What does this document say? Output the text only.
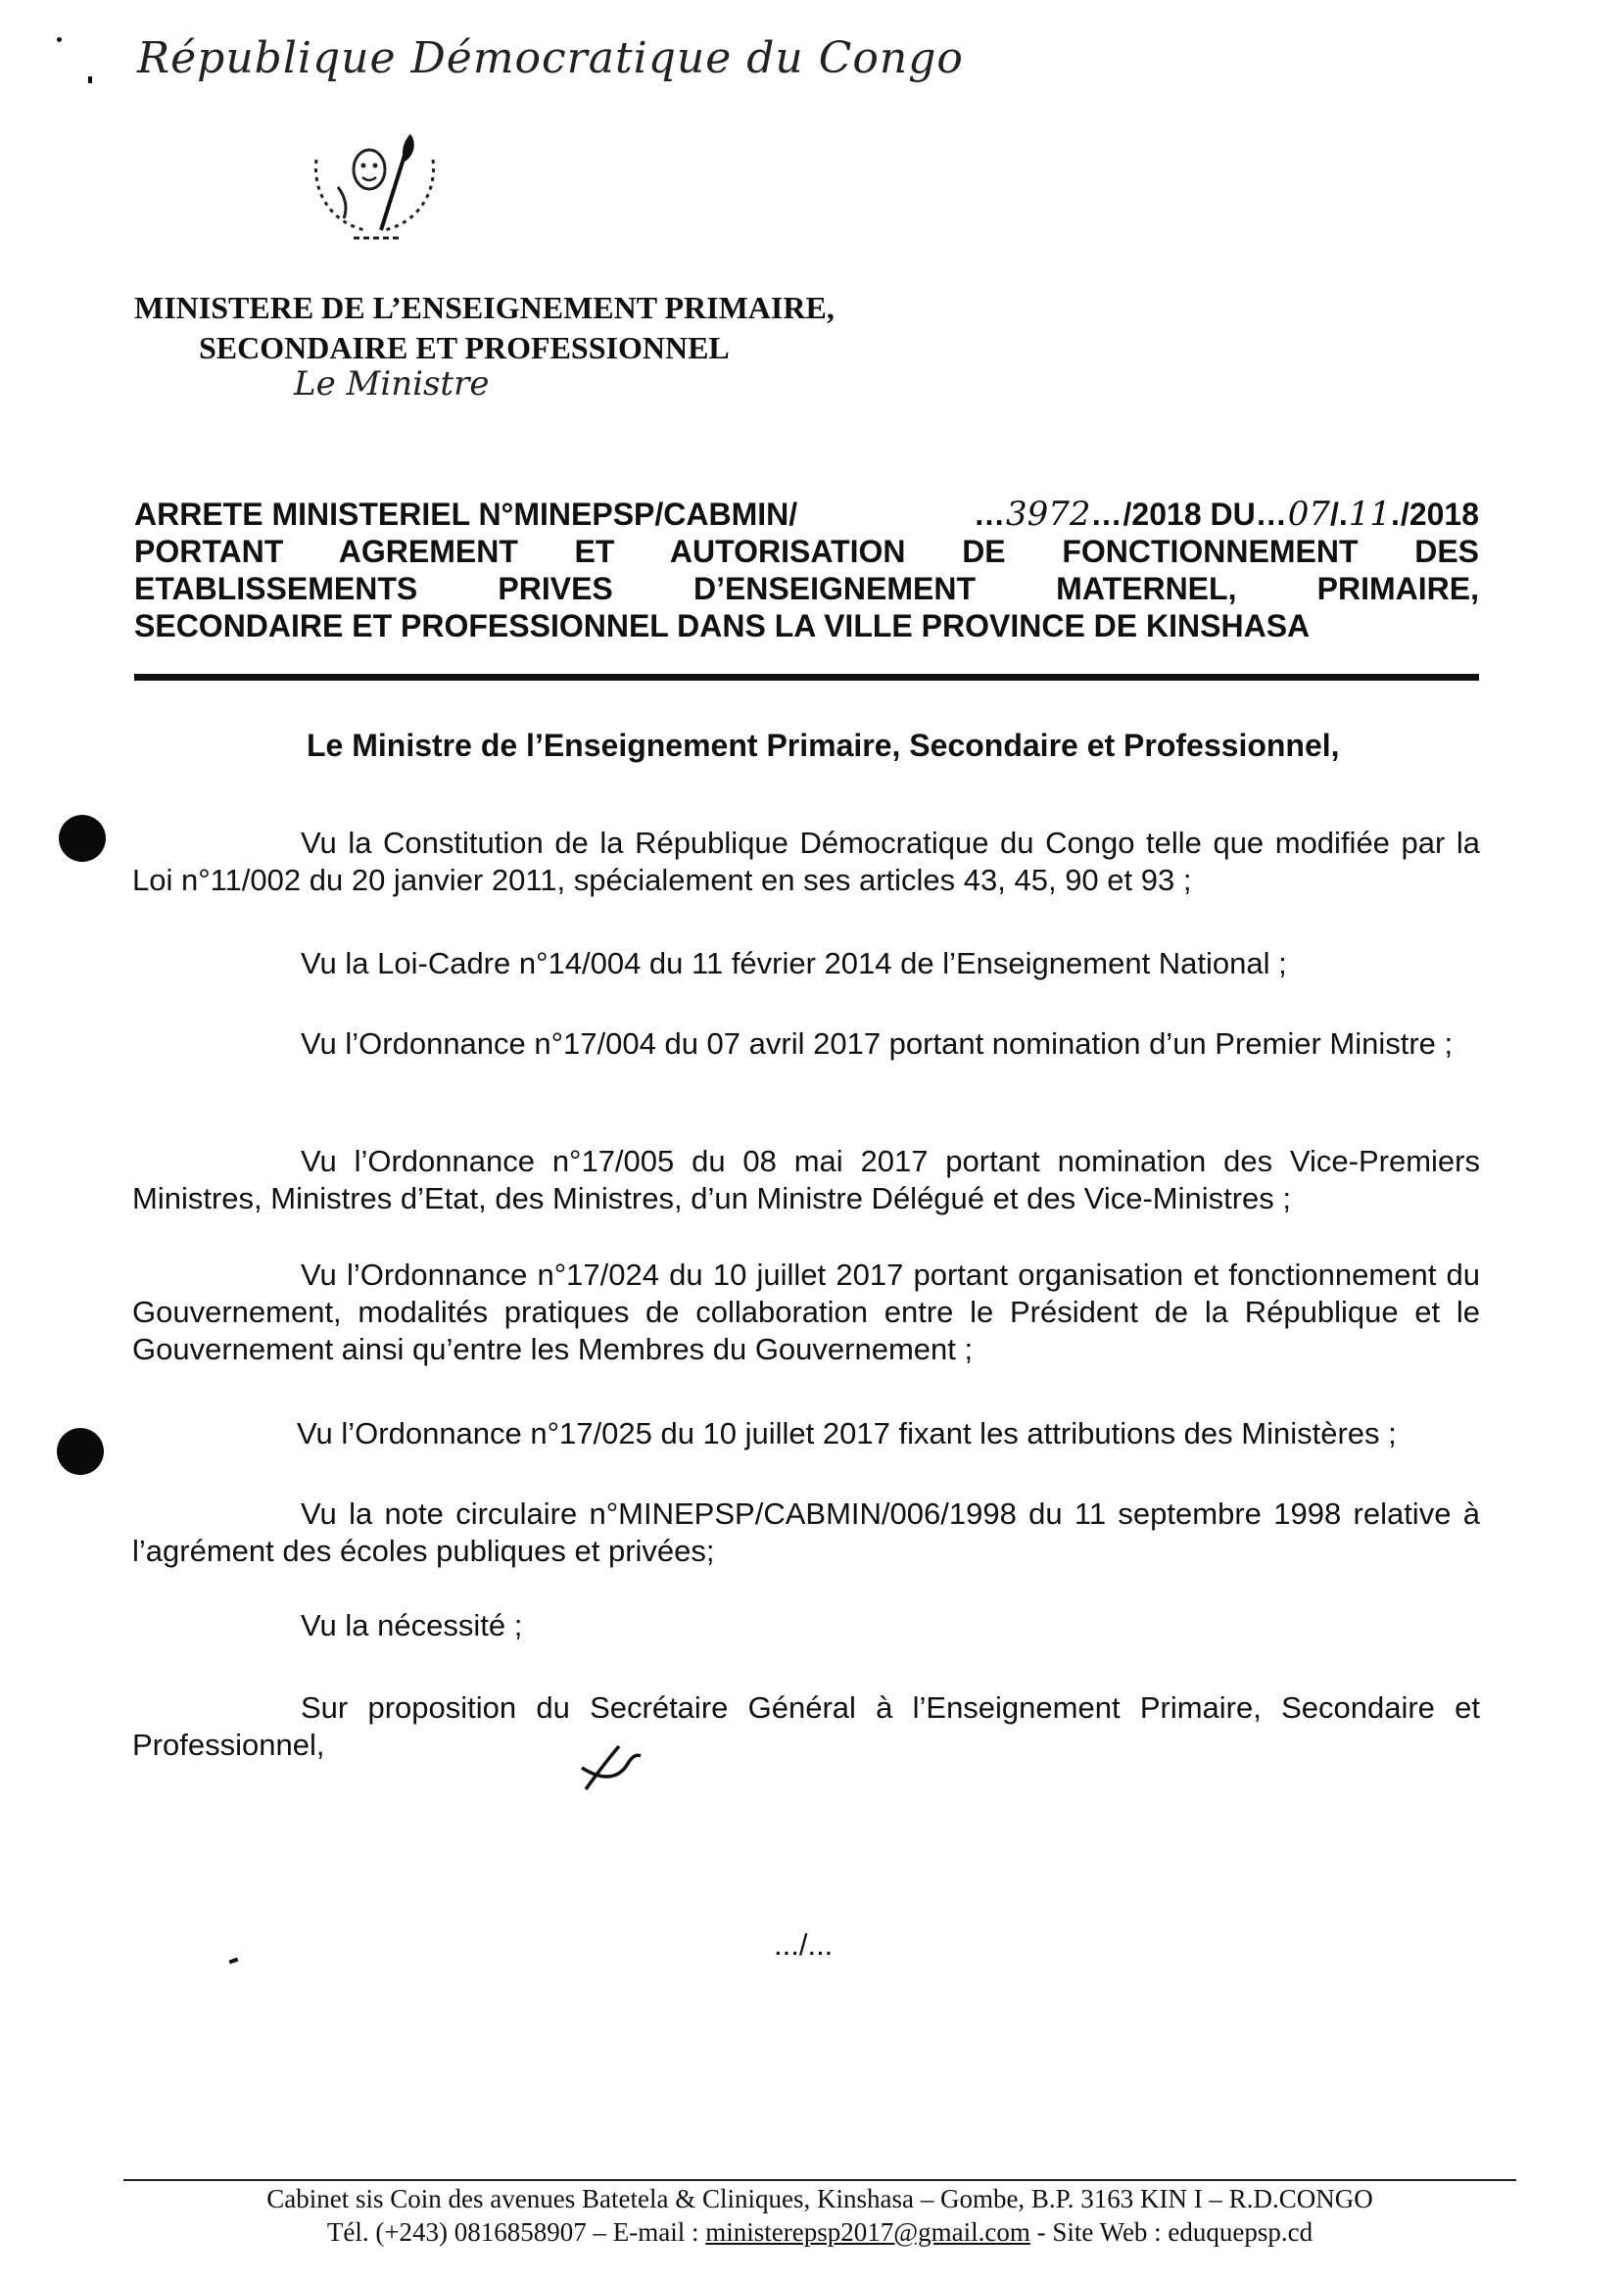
République Démocratique du Congo
MINISTERE DE L’ENSEIGNEMENT PRIMAIRE,
SECONDAIRE ET PROFESSIONNEL
Le Ministre
ARRETE MINISTERIEL N°MINEPSP/CABMIN/	…3972…/2018 DU…07/.11./2018
PORTANT AGREMENT ET AUTORISATION DE FONCTIONNEMENT DES
ETABLISSEMENTS PRIVES D’ENSEIGNEMENT MATERNEL, PRIMAIRE,
SECONDAIRE ET PROFESSIONNEL DANS LA VILLE PROVINCE DE KINSHASA
Le Ministre de l’Enseignement Primaire, Secondaire et Professionnel,
Vu la Constitution de la République Démocratique du Congo telle que modifiée par la Loi n°11/002 du 20 janvier 2011, spécialement en ses articles 43, 45, 90 et 93 ;
Vu la Loi-Cadre n°14/004 du 11 février 2014 de l’Enseignement National ;
Vu l’Ordonnance n°17/004 du 07 avril 2017 portant nomination d’un Premier Ministre ;
Vu l’Ordonnance n°17/005 du 08 mai 2017 portant nomination des Vice-Premiers Ministres, Ministres d’Etat, des Ministres, d’un Ministre Délégué et des Vice-Ministres ;
Vu l’Ordonnance n°17/024 du 10 juillet 2017 portant organisation et fonctionnement du Gouvernement, modalités pratiques de collaboration entre le Président de la République et le Gouvernement ainsi qu’entre les Membres du Gouvernement ;
Vu l’Ordonnance n°17/025 du 10 juillet 2017 fixant les attributions des Ministères ;
Vu la note circulaire n°MINEPSP/CABMIN/006/1998 du 11 septembre 1998 relative à l’agrément des écoles publiques et privées;
Vu la nécessité ;
Sur proposition du Secrétaire Général à l’Enseignement Primaire, Secondaire et Professionnel,
.../...
Cabinet sis Coin des avenues Batetela & Cliniques, Kinshasa – Gombe, B.P. 3163 KIN I – R.D.CONGO
Tél. (+243) 0816858907 – E-mail : ministerepsp2017@gmail.com - Site Web : eduquepsp.cd
